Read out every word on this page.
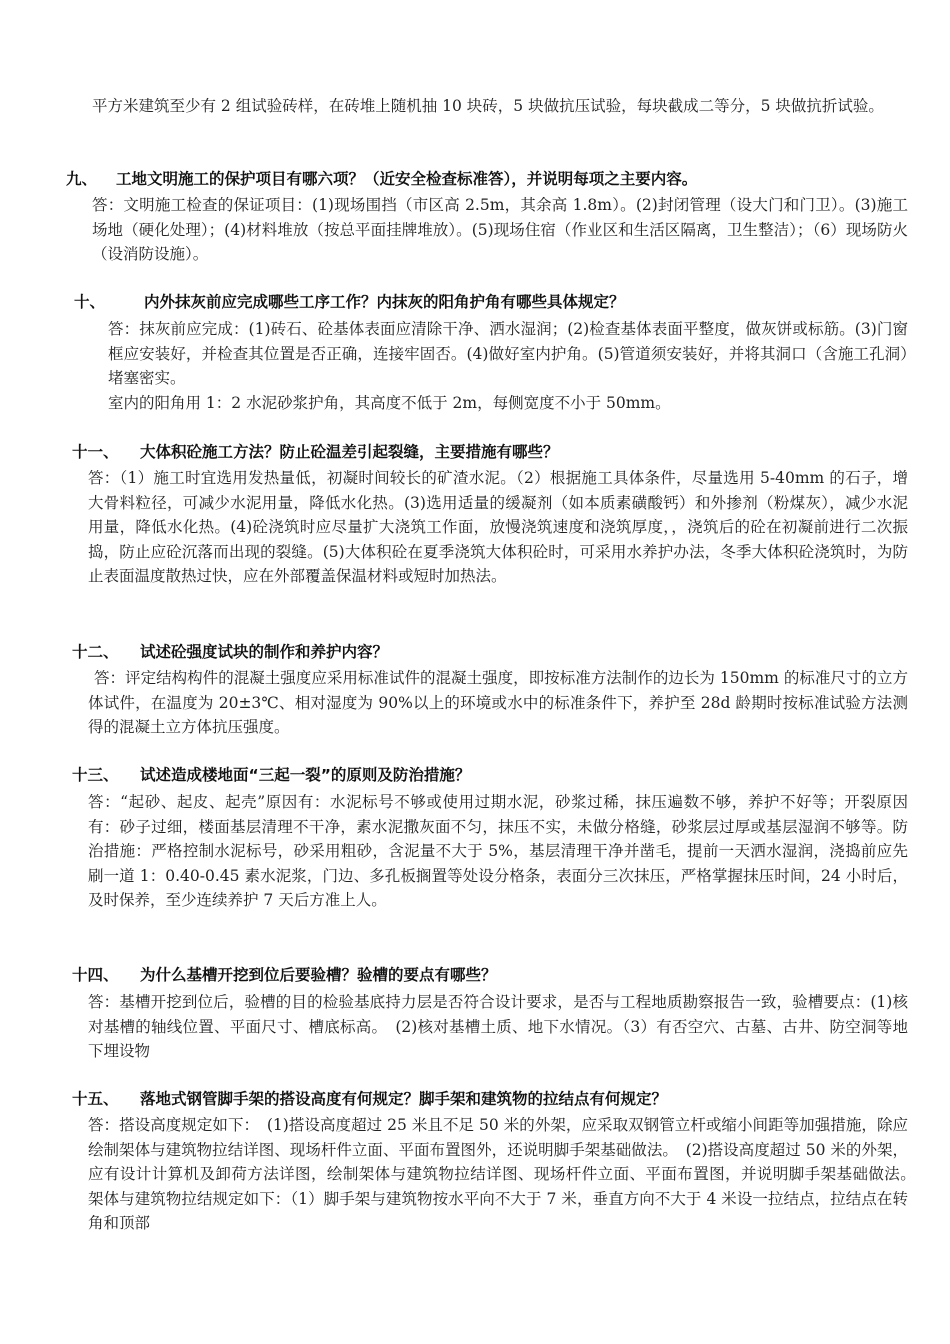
平方米建筑至少有 2 组试验砖样，在砖堆上随机抽 10 块砖，5 块做抗压试验，每块截成二等分，5 块做抗折试验。

九、 工地文明施工的保护项目有哪六项？（近安全检查标准答），并说明每项之主要内容。

答：文明施工检查的保证项目：(1)现场围挡（市区高 2.5m，其余高 1.8m）。(2)封闭管理（设大门和门卫）。(3)施工场地（硬化处理）；(4)材料堆放（按总平面挂牌堆放）。(5)现场住宿（作业区和生活区隔离，卫生整洁）；（6）现场防火（设消防设施）。

十、	内外抹灰前应完成哪些工序工作？内抹灰的阳角护角有哪些具体规定？

答：抹灰前应完成：(1)砖石、砼基体表面应清除干净、洒水湿润；(2)检查基体表面平整度，做灰饼或标筋。(3)门窗框应安装好，并检查其位置是否正确，连接牢固否。(4)做好室内护角。(5)管道须安装好，并将其洞口（含施工孔洞）堵塞密实。

室内的阳角用 1：2 水泥砂浆护角，其高度不低于 2m，每侧宽度不小于 50mm。

十一、 大体积砼施工方法？防止砼温差引起裂缝，主要措施有哪些？

答：（1）施工时宜选用发热量低，初凝时间较长的矿渣水泥。（2）根据施工具体条件，尽量选用 5-40mm 的石子，增大骨料粒径，可减少水泥用量，降低水化热。(3)选用适量的缓凝剂（如本质素磺酸钙）和外掺剂（粉煤灰），减少水泥用量，降低水化热。(4)砼浇筑时应尽量扩大浇筑工作面，放慢浇筑速度和浇筑厚度，，浇筑后的砼在初凝前进行二次振捣，防止应砼沉落而出现的裂缝。(5)大体积砼在夏季浇筑大体积砼时，可采用水养护办法，冬季大体积砼浇筑时，为防止表面温度散热过快，应在外部覆盖保温材料或短时加热法。

十二、 试述砼强度试块的制作和养护内容？

答：评定结构构件的混凝土强度应采用标准试件的混凝土强度，即按标准方法制作的边长为 150mm 的标准尺寸的立方体试件，在温度为 20±3℃、相对湿度为 90%以上的环境或水中的标准条件下，养护至 28d 龄期时按标准试验方法测得的混凝土立方体抗压强度。

十三、 试述造成楼地面“三起一裂”的原则及防治措施？

答：“起砂、起皮、起壳”原因有：水泥标号不够或使用过期水泥，砂浆过稀，抹压遍数不够，养护不好等；开裂原因有：砂子过细，楼面基层清理不干净，素水泥撒灰面不匀，抹压不实，未做分格缝，砂浆层过厚或基层湿润不够等。防治措施：严格控制水泥标号，砂采用粗砂，含泥量不大于 5%，基层清理干净并凿毛，提前一天洒水湿润，浇捣前应先刷一道 1：0.40-0.45 素水泥浆，门边、多孔板搁置等处设分格条，表面分三次抹压，严格掌握抹压时间，24 小时后，及时保养，至少连续养护 7 天后方准上人。

十四、 为什么基槽开挖到位后要验槽？验槽的要点有哪些？

答：基槽开挖到位后，验槽的目的检验基底持力层是否符合设计要求，是否与工程地质勘察报告一致，验槽要点：(1)核对基槽的轴线位置、平面尺寸、槽底标高。　(2)核对基槽土质、地下水情况。（3）有否空穴、古墓、古井、防空洞等地下埋设物

十五、 落地式钢管脚手架的搭设高度有何规定？脚手架和建筑物的拉结点有何规定？

答：搭设高度规定如下：　(1)搭设高度超过 25 米且不足 50 米的外架，应采取双钢管立杆或缩小间距等加强措施，除应绘制架体与建筑物拉结详图、现场杆件立面、平面布置图外，还说明脚手架基础做法。　(2)搭设高度超过 50 米的外架，应有设计计算机及卸荷方法详图，绘制架体与建筑物拉结详图、现场杆件立面、平面布置图，并说明脚手架基础做法。　架体与建筑物拉结规定如下：（1）脚手架与建筑物按水平向不大于 7 米，垂直方向不大于 4 米设一拉结点，拉结点在转角和顶部
